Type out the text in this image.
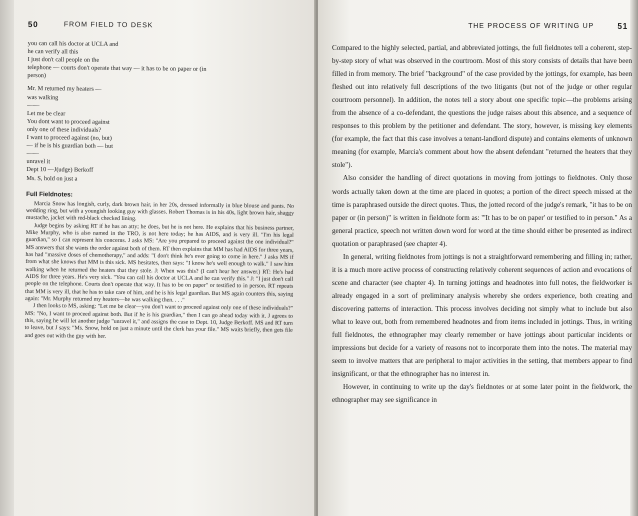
50	FROM FIELD TO DESK
you can call his doctor at UCLA and
he can verify all this
I just don't call people on the
telephone — courts don't operate that way — it has to be on paper or (in
person)
Mr. M returned my heaters —
was walking
——
Let me be clear
You dont want to proceed against
only one of these individuals?
I want to proceed against (no, but)
— if he is his guardian both — but
——
unravel it
Dept 10 —J(udge) Berkoff
Ms. S, hold on just a
Full Fieldnotes:

Marcia Snow has longish, curly, dark brown hair, in her 20s, dressed informally in blue blouse and pants. No wedding ring, but with a youngish looking guy with glasses. Robert Thomas is in his 40s, light brown hair, shaggy mustache, jacket with red-black checked lining.

Judge begins by asking RT if he has an atty; he does, but he is not here. He explains that his business partner, Mike Murphy, who is also named in the TRO, is not here today; he has AIDS, and is very ill. "I'm his legal guardian," so I can represent his concerns. J asks MS: "Are you prepared to proceed against the one individual?" MS answers that she wants the order against both of them. RT then explains that MM has had AIDS for three years, has had "massive doses of chemotherapy," and adds: "I don't think he's ever going to come in here." J asks MS if from what she knows that MM is this sick. MS hesitates, then says: "I know he's well enough to walk." I saw him walking when he returned the heaters that they stole. J: When was this? (I can't hear her answer.) RT: He's had AIDS for three years. He's very sick. "You can call his doctor at UCLA and he can verify this." J: "I just don't call people on the telephone. Courts don't operate that way. It has to be on paper" or testified to in person. RT repeats that MM is very ill, that he has to take care of him, and he is his legal guardian. But MS again counters this, saying again: "Mr. Murphy returned my heaters—he was walking then. . . ."

J then looks to MS, asking: "Let me be clear—you don't want to proceed against only one of these individuals?" MS: "No, I want to proceed against both. But if he is his guardian," then I can go ahead today with it. J agrees to this, saying he will let another judge "unravel it," and assigns the case to Dept. 10, Judge Berkoff. MS and RT turn to leave, but J says: "Ms. Snow, hold on just a minute until the clerk has your file." MS waits briefly, then gets file and goes out with the guy with her.

THE PROCESS OF WRITING UP	51

Compared to the highly selected, partial, and abbreviated jottings, the full fieldnotes tell a coherent, step-by-step story of what was observed in the courtroom. Most of this story consists of details that have been filled in from memory. The brief "background" of the case provided by the jottings, for example, has been fleshed out into relatively full descriptions of the two litigants (but not of the judge or other regular courtroom personnel). In addition, the notes tell a story about one specific topic—the problems arising from the absence of a co-defendant, the questions the judge raises about this absence, and a sequence of responses to this problem by the petitioner and defendant. The story, however, is missing key elements (for example, the fact that this case involves a tenant-landlord dispute) and contains elements of unknown meaning (for example, Marcia's comment about how the absent defendant "returned the heaters that they stole").

Also consider the handling of direct quotations in moving from jottings to fieldnotes. Only those words actually taken down at the time are placed in quotes; a portion of the direct speech missed at the time is paraphrased outside the direct quotes. Thus, the jotted record of the judge's remark, "it has to be on paper or (in person)" is written in fieldnote form as: "'It has to be on paper' or testified to in person." As a general practice, speech not written down word for word at the time should either be presented as indirect quotation or paraphrased (see chapter 4).

In general, writing fieldnotes from jottings is not a straightforward remembering and filling in; rather, it is a much more active process of constructing relatively coherent sequences of action and evocations of scene and character (see chapter 4). In turning jottings and headnotes into full notes, the fieldworker is already engaged in a sort of preliminary analysis whereby she orders experience, both creating and discovering patterns of interaction. This process involves deciding not simply what to include but also what to leave out, both from remembered headnotes and from items included in jottings. Thus, in writing full fieldnotes, the ethnographer may clearly remember or have jottings about particular incidents or impressions but decide for a variety of reasons not to incorporate them into the notes. The material may seem to involve matters that are peripheral to major activities in the setting, that members appear to find insignificant, or that the ethnographer has no interest in.

However, in continuing to write up the day's fieldnotes or at some later point in the fieldwork, the ethnographer may see significance in
